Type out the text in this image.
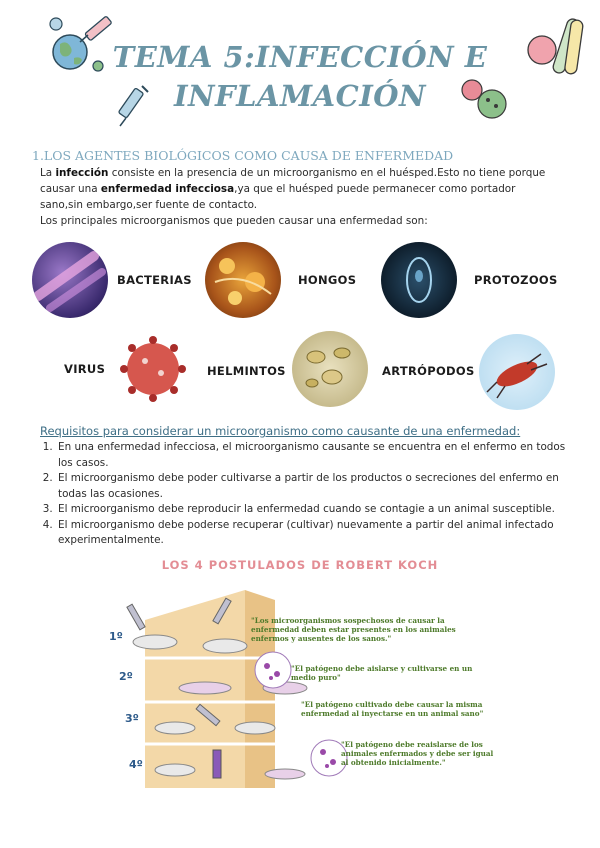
TEMA 5:INFECCIÓN E
INFLAMACIÓN
1.LOS AGENTES BIOLÓGICOS COMO CAUSA DE ENFERMEDAD
La infección consiste en la presencia de un microorganismo en el huésped.Esto no tiene porque causar una enfermedad infecciosa,ya que el huésped puede permanecer como portador sano,sin embargo,ser fuente de contacto.
Los principales microorganismos que pueden causar una enfermedad son:
BACTERIAS	HONGOS	PROTOZOOS
VIRUS	HELMINTOS	ARTRÓPODOS
Requisitos para considerar un microorganismo como causante de una enfermedad:
1. En una enfermedad infecciosa, el microorganismo causante se encuentra en el enfermo en todos los casos.
2. El microorganismo debe poder cultivarse a partir de los productos o secreciones del enfermo en todas las ocasiones.
3. El microorganismo debe reproducir la enfermedad cuando se contagie a un animal susceptible.
4. El microorganismo debe poderse recuperar (cultivar) nuevamente a partir del animal infectado experimentalmente.
LOS 4 POSTULADOS DE ROBERT KOCH
1º
2º
3º
4º
"Los microorganismos sospechosos de causar la enfermedad deben estar presentes en los animales enfermos y ausentes de los sanos."
"El patógeno debe aislarse y cultivarse en un medio puro"
"El patógeno cultivado debe causar la misma enfermedad al inyectarse en un animal sano"
"El patógeno debe reaislarse de los animales enfermados y debe ser igual al obtenido inicialmente."
